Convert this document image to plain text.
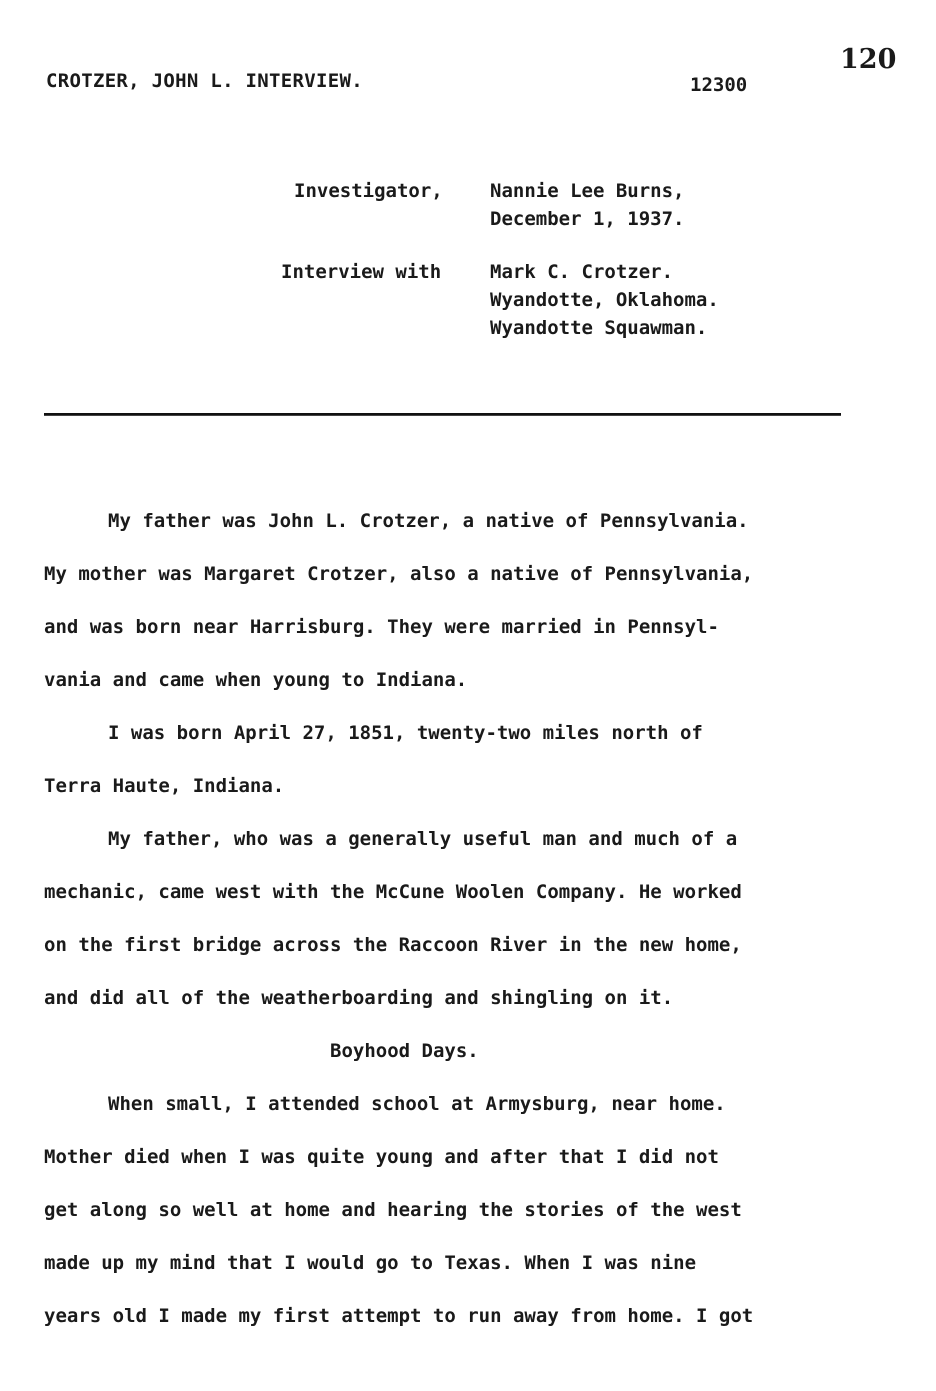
CROTZER, JOHN L. INTERVIEW.	12300
120
Investigator, Nannie Lee Burns,
December 1, 1937.
Interview with	Mark C. Crotzer.
Wyandotte, Oklahoma.
Wyandotte Squawman.
My father was John L. Crotzer, a native of Pennsylvania.
My mother was Margaret Crotzer, also a native of Pennsylvania,
and was born near Harrisburg. They were married in Pennsyl-
vania and came when young to Indiana.
I was born April 27, 1851, twenty-two miles north of
Terra Haute, Indiana.
My father, who was a generally useful man and much of a
mechanic, came west with the McCune Woolen Company. He worked
on the first bridge across the Raccoon River in the new home,
and did all of the weatherboarding and shingling on it.
Boyhood Days.
When small, I attended school at Armysburg, near home.
Mother died when I was quite young and after that I did not
get along so well at home and hearing the stories of the west
made up my mind that I would go to Texas. When I was nine
years old I made my first attempt to run away from home. I got
